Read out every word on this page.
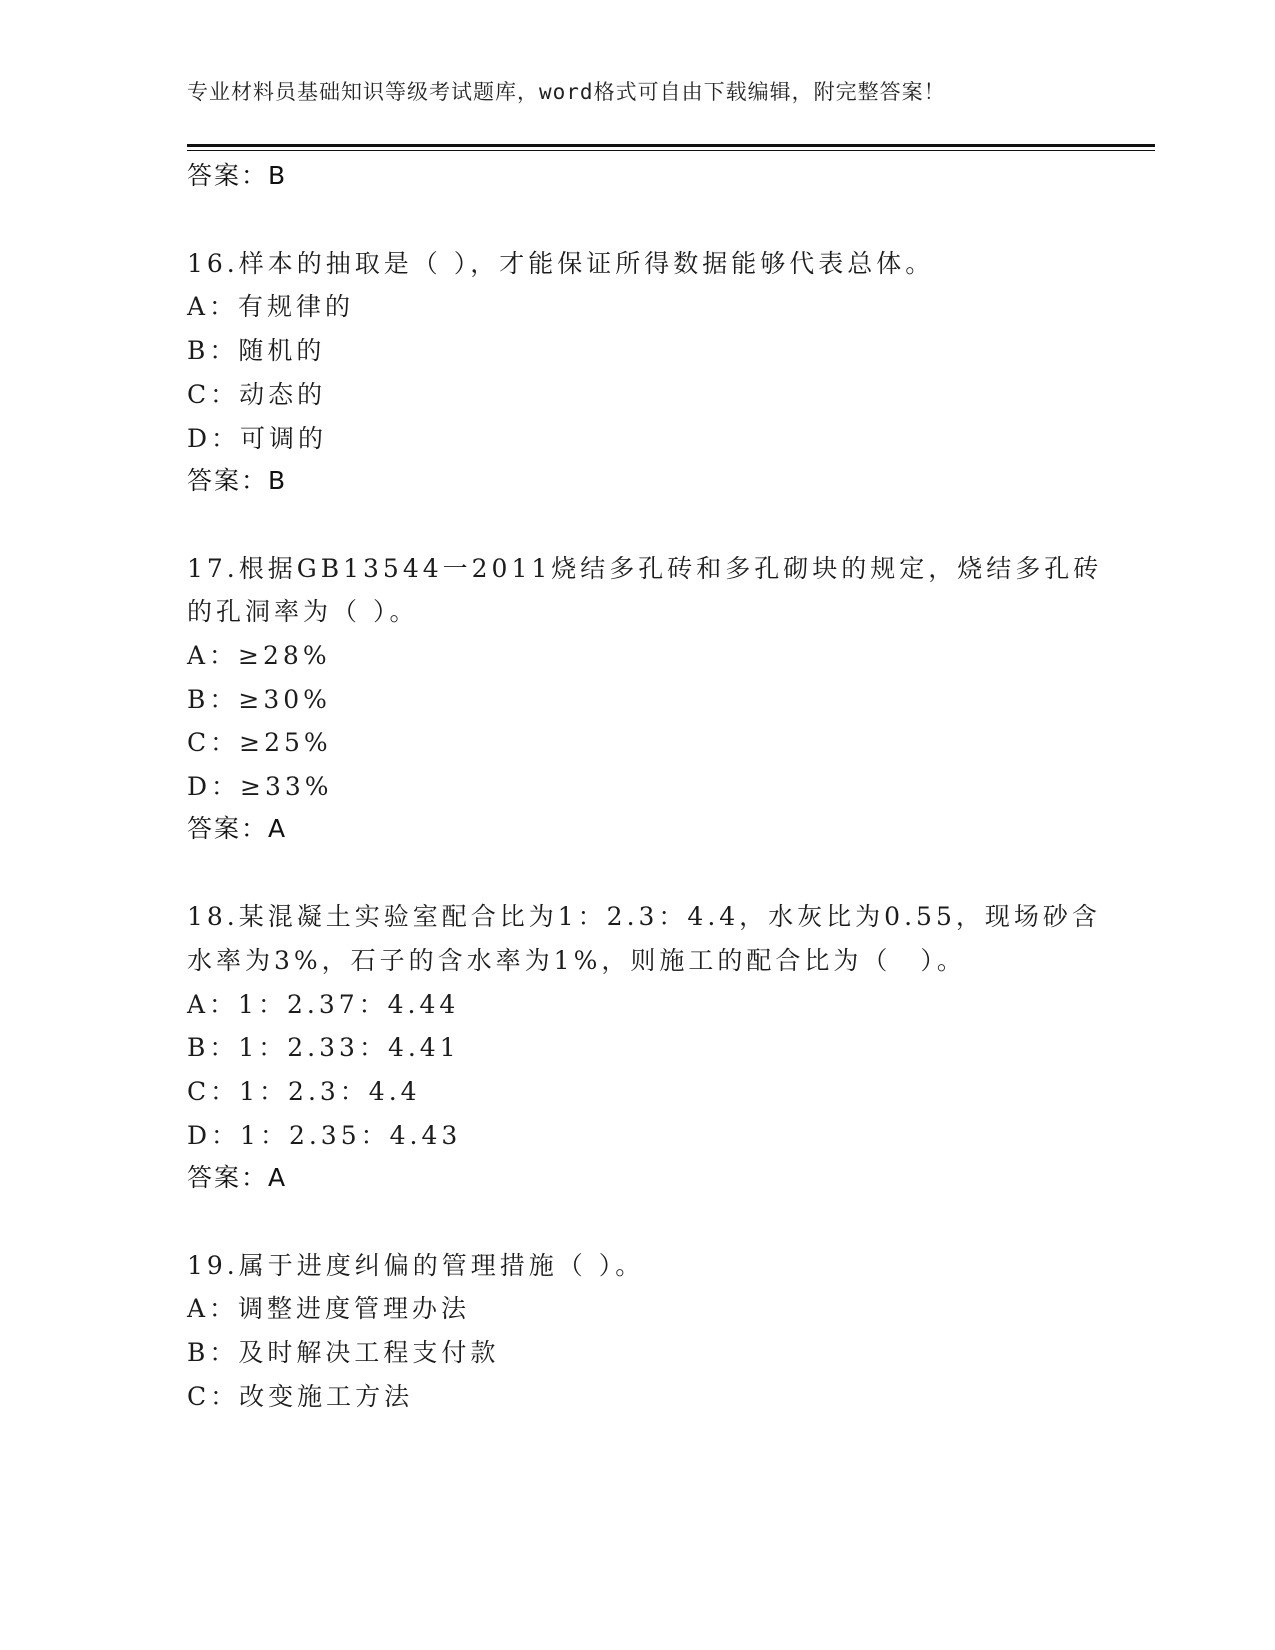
专业材料员基础知识等级考试题库，word格式可自由下载编辑，附完整答案！
答案：B
16.样本的抽取是（ ），才能保证所得数据能够代表总体。
A：有规律的
B：随机的
C：动态的
D：可调的
答案：B
17.根据GB13544一2011烧结多孔砖和多孔砌块的规定，烧结多孔砖
的孔洞率为（ ）。
A：≥28%
B：≥30%
C：≥25%
D：≥33%
答案：A
18.某混凝土实验室配合比为1：2.3：4.4，水灰比为0.55，现场砂含
水率为3%，石子的含水率为1%，则施工的配合比为（　）。
A：1：2.37：4.44
B：1：2.33：4.41
C：1：2.3：4.4
D：1：2.35：4.43
答案：A
19.属于进度纠偏的管理措施（ ）。
A：调整进度管理办法
B：及时解决工程支付款
C：改变施工方法
